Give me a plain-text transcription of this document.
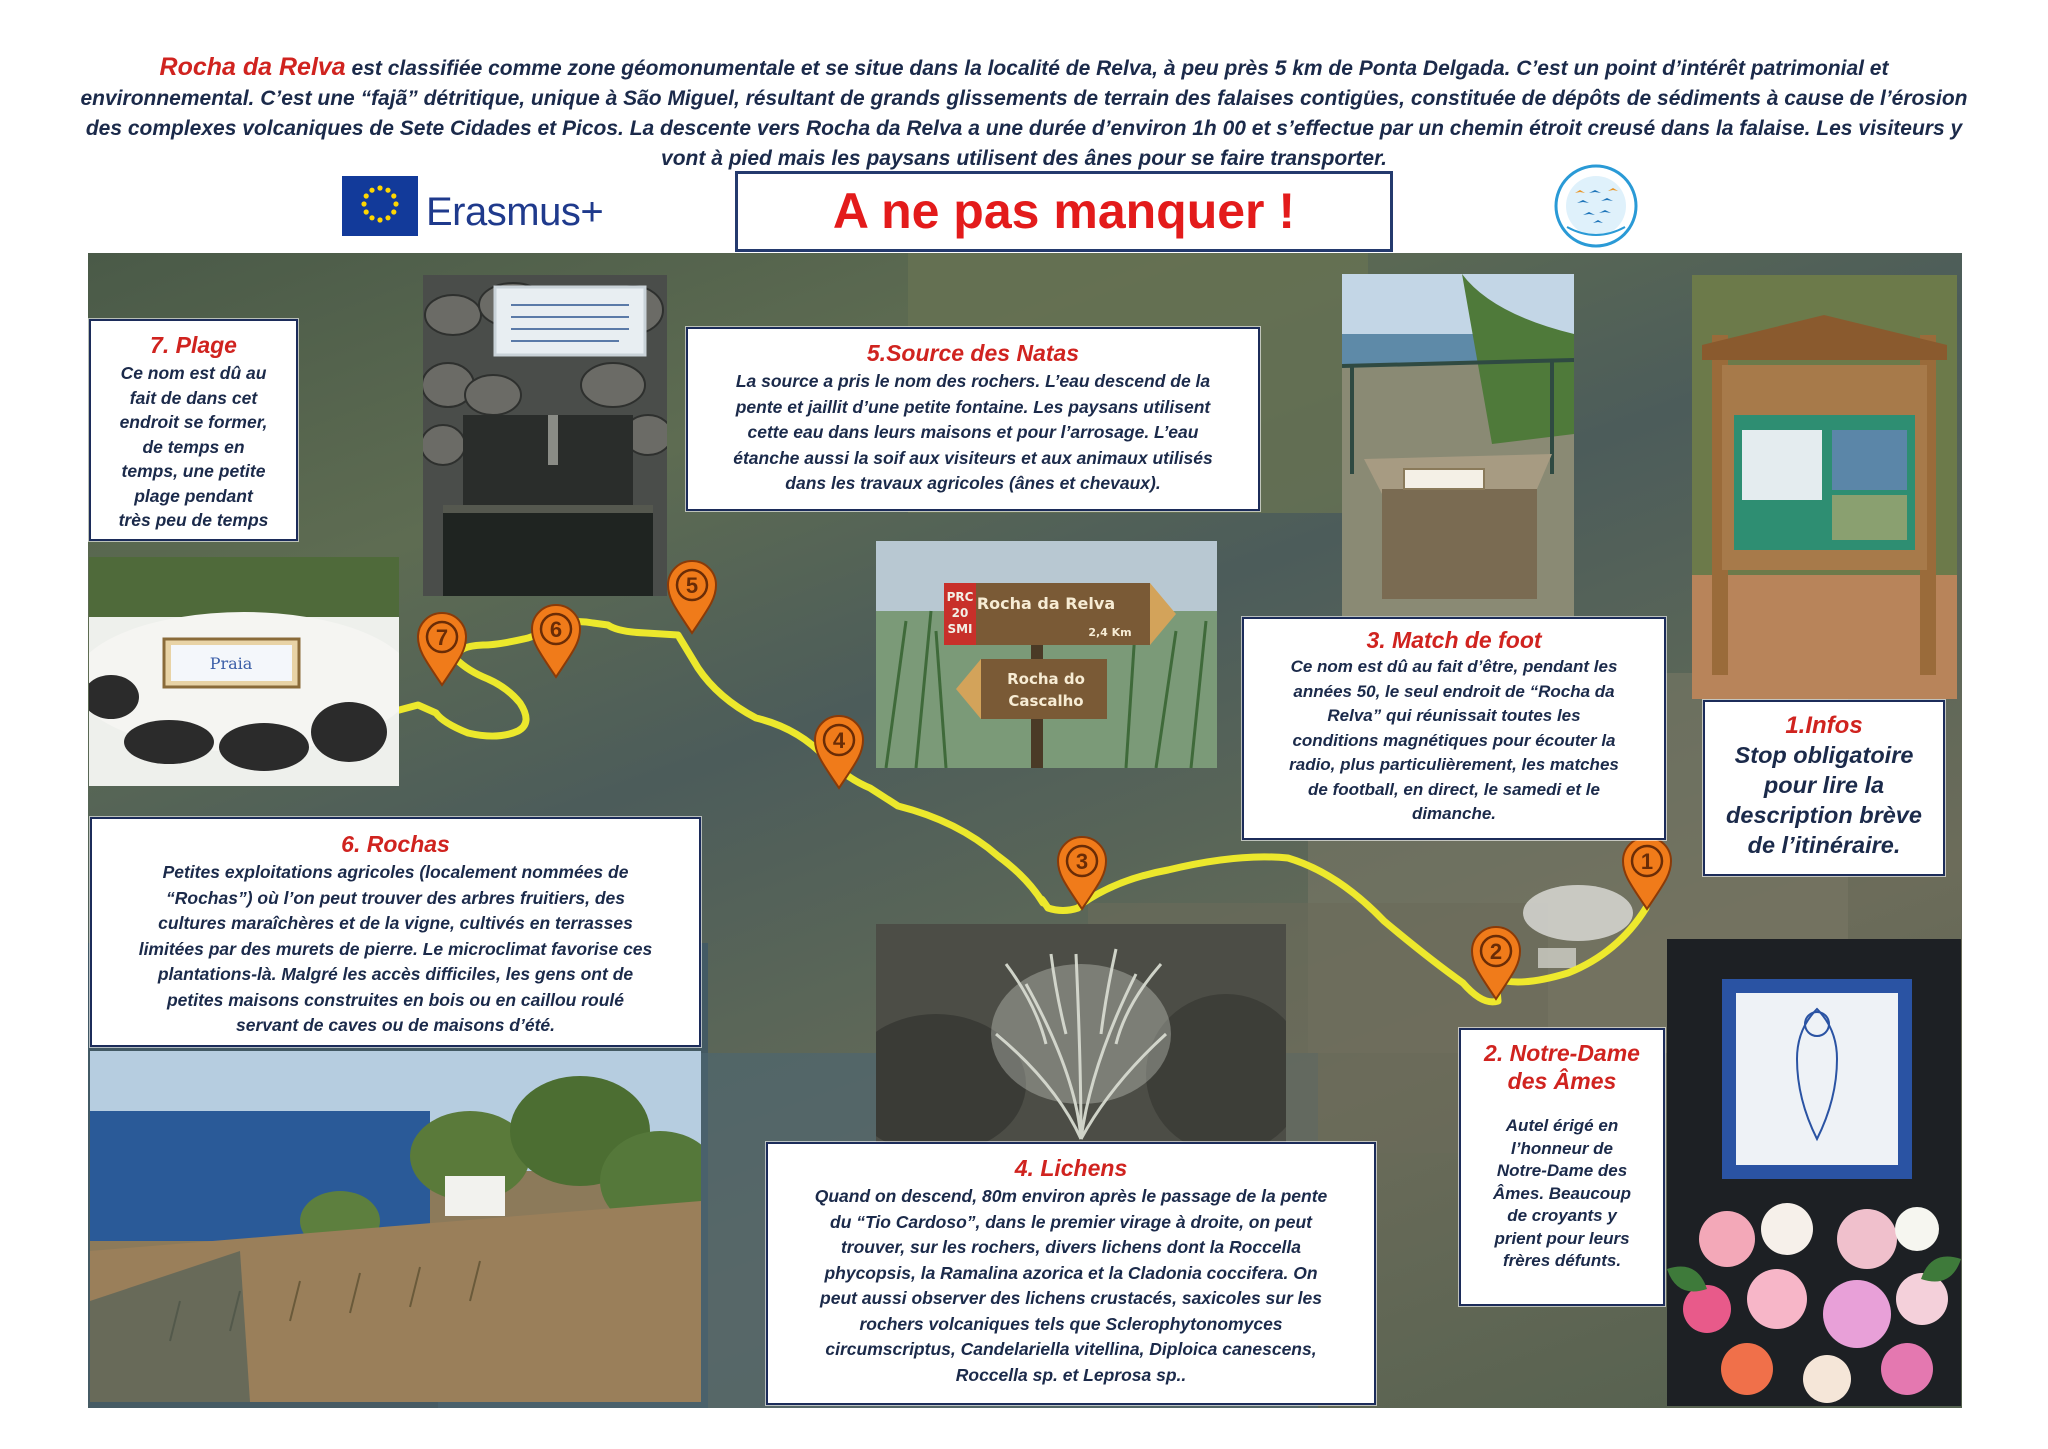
Rocha da Relva est classifiée comme zone géomonumentale et se situe dans la localité de Relva, à peu près 5 km de Ponta Delgada. C’est un point d’intérêt patrimonial et environnemental. C’est une “fajã” détritique, unique à São Miguel, résultant de grands glissements de terrain des falaises contigües, constituée de dépôts de sédiments à cause de l’érosion des complexes volcaniques de Sete Cidades et Picos. La descente vers Rocha da Relva a une durée d’environ 1h 00 et s’effectue par un chemin étroit creusé dans la falaise. Les visiteurs y vont à pied mais les paysans utilisent des ânes pour se faire transporter.
Erasmus+	A ne pas manquer !
1
2
3
4
5
6
7
Praia
PRC
20
SMI
Rocha da Relva
2,4 Km
Rocha do
Cascalho
7. Plage
Ce nom est dû au
fait de dans cet
endroit se former,
de temps en
temps, une petite
plage pendant
très peu de temps
5.Source des Natas
La source a pris le nom des rochers. L’eau descend de la
pente et jaillit d’une petite fontaine. Les paysans utilisent
cette eau dans leurs maisons et pour l’arrosage. L’eau
étanche aussi la soif aux visiteurs et aux animaux utilisés
dans les travaux agricoles (ânes et chevaux).
3. Match de foot
Ce nom est dû au fait d’être, pendant les
années 50, le seul endroit de “Rocha da
Relva” qui réunissait toutes les
conditions magnétiques pour écouter la
radio, plus particulièrement, les matches
de football, en direct, le samedi et le
dimanche.
1.Infos
Stop obligatoire
pour lire la
description brève
de l’itinéraire.
6. Rochas
Petites exploitations agricoles (localement nommées de
“Rochas”) où l’on peut trouver des arbres fruitiers, des
cultures maraîchères et de la vigne, cultivés en terrasses
limitées par des murets de pierre. Le microclimat favorise ces
plantations-là. Malgré les accès difficiles, les gens ont de
petites maisons construites en bois ou en caillou roulé
servant de caves ou de maisons d’été.
2. Notre-Dame
des Âmes
Autel érigé en
l’honneur de
Notre-Dame des
Âmes. Beaucoup
de croyants y
prient pour leurs
frères défunts.
4. Lichens
Quand on descend, 80m environ après le passage de la pente
du “Tio Cardoso”, dans le premier virage à droite, on peut
trouver, sur les rochers, divers lichens dont la Roccella
phycopsis, la Ramalina azorica et la Cladonia coccifera. On
peut aussi observer des lichens crustacés, saxicoles sur les
rochers volcaniques tels que Sclerophytonomyces
circumscriptus, Candelariella vitellina, Diploica canescens,
Roccella sp. et Leprosa sp..
